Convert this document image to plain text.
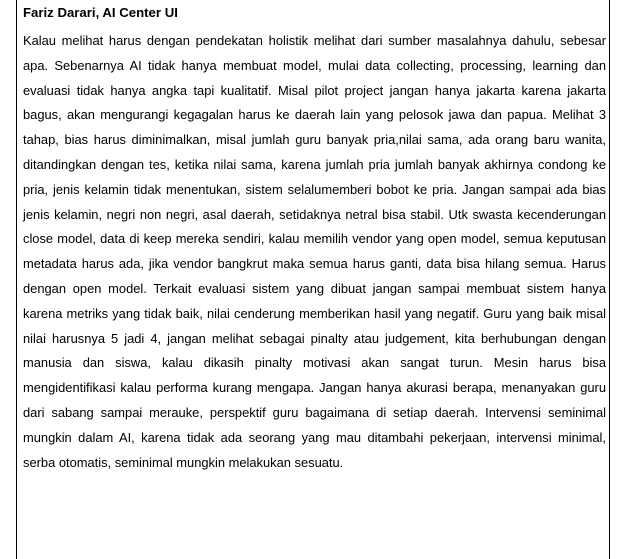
Fariz Darari, AI Center UI

Kalau melihat harus dengan pendekatan holistik melihat dari sumber masalahnya dahulu, sebesar apa. Sebenarnya AI tidak hanya membuat model, mulai data collecting, processing, learning dan evaluasi tidak hanya angka tapi kualitatif. Misal pilot project jangan hanya jakarta karena jakarta bagus, akan mengurangi kegagalan harus ke daerah lain yang pelosok jawa dan papua. Melihat 3 tahap, bias harus diminimalkan, misal jumlah guru banyak pria,nilai sama, ada orang baru wanita, ditandingkan dengan tes, ketika nilai sama, karena jumlah pria jumlah banyak akhirnya condong ke pria, jenis kelamin tidak menentukan, sistem selalumemberi bobot ke pria. Jangan sampai ada bias jenis kelamin, negri non negri, asal daerah, setidaknya netral bisa stabil. Utk swasta kecenderungan close model, data di keep mereka sendiri, kalau memilih vendor yang open model, semua keputusan metadata harus ada, jika vendor bangkrut maka semua harus ganti, data bisa hilang semua. Harus dengan open model. Terkait evaluasi sistem yang dibuat jangan sampai membuat sistem hanya karena metriks yang tidak baik, nilai cenderung memberikan hasil yang negatif. Guru yang baik misal nilai harusnya 5 jadi 4, jangan melihat sebagai pinalty atau judgement, kita berhubungan dengan manusia dan siswa, kalau dikasih pinalty motivasi akan sangat turun. Mesin harus bisa mengidentifikasi kalau performa kurang mengapa. Jangan hanya akurasi berapa, menanyakan guru dari sabang sampai merauke, perspektif guru bagaimana di setiap daerah. Intervensi seminimal mungkin dalam AI, karena tidak ada seorang yang mau ditambahi pekerjaan, intervensi minimal, serba otomatis, seminimal mungkin melakukan sesuatu.
